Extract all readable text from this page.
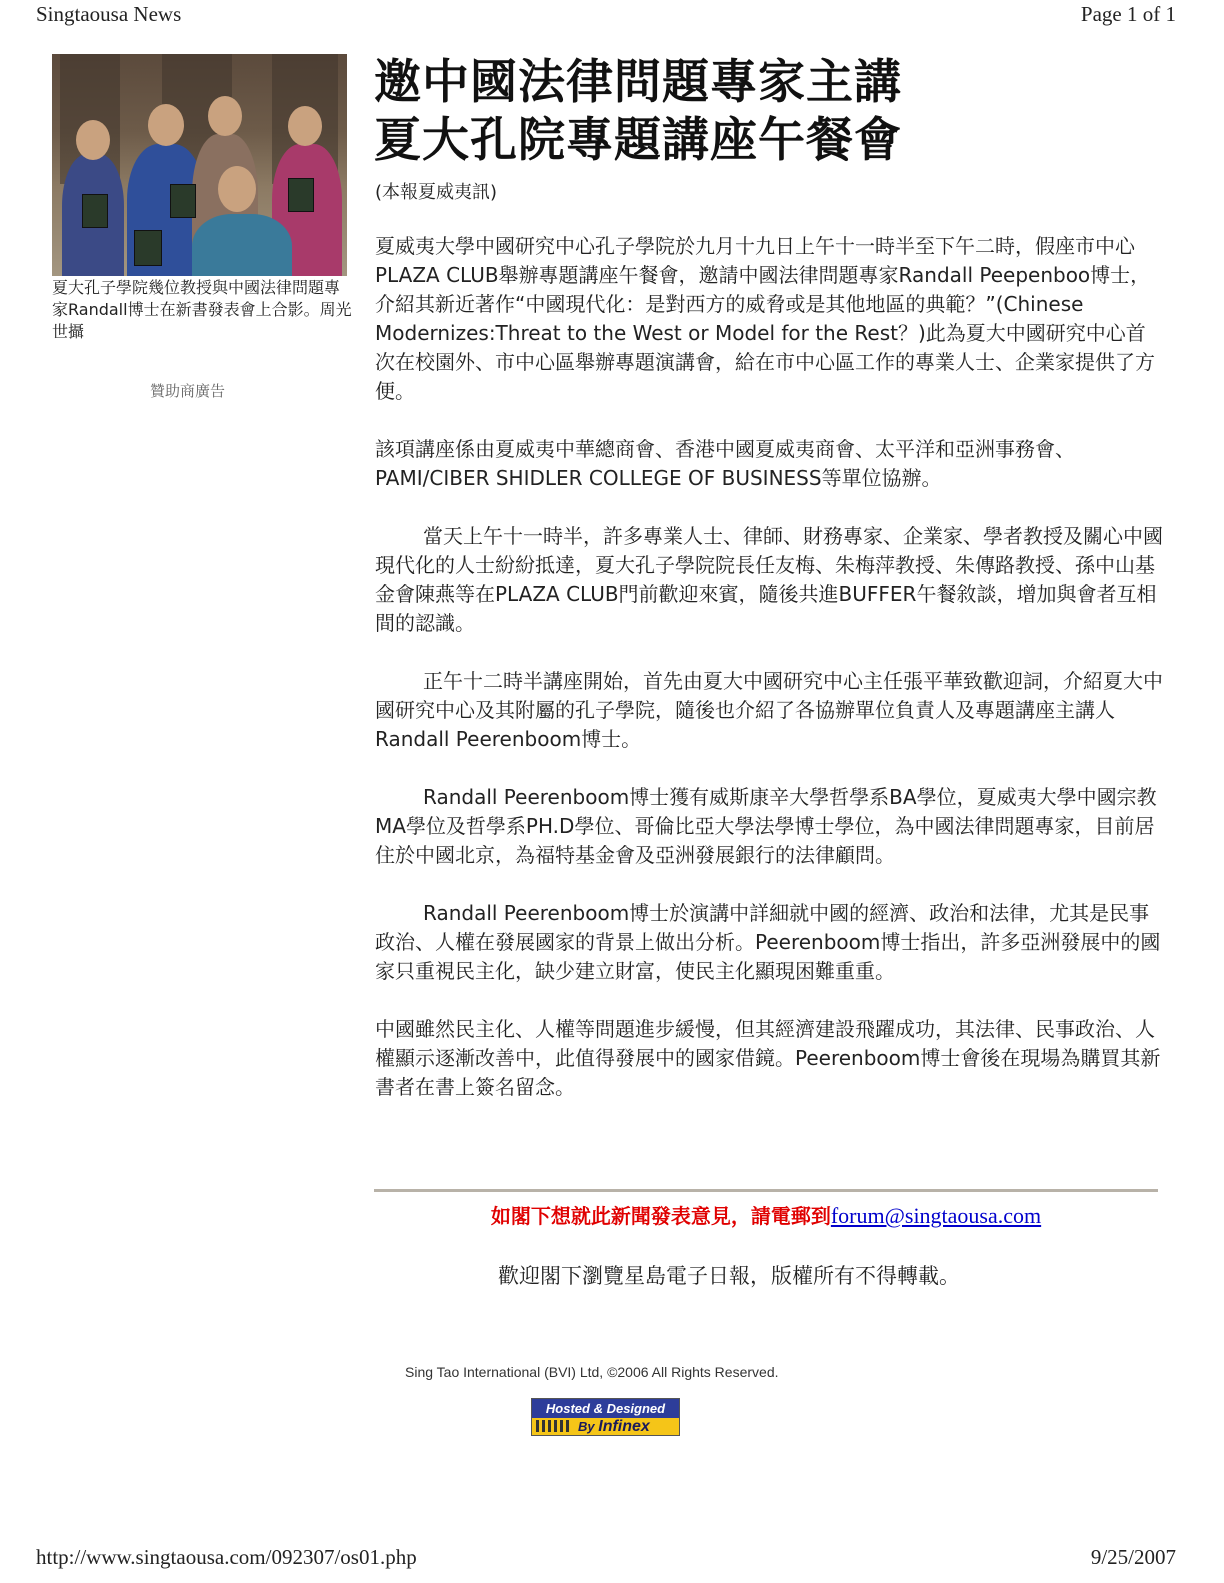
Singtaousa News	Page 1 of 1
夏大孔子學院幾位教授與中國法律問題專家Randall博士在新書發表會上合影。周光世攝
贊助商廣告
邀中國法律問題專家主講
夏大孔院專題講座午餐會
(本報夏威夷訊)

夏威夷大學中國研究中心孔子學院於九月十九日上午十一時半至下午二時，假座市中心PLAZA CLUB舉辦專題講座午餐會，邀請中國法律問題專家Randall Peepenboo博士，介紹其新近著作“中國現代化：是對西方的威脅或是其他地區的典範？”(Chinese Modernizes:Threat to the West or Model for the Rest？)此為夏大中國研究中心首次在校園外、市中心區舉辦專題演講會，給在市中心區工作的專業人士、企業家提供了方便。

該項講座係由夏威夷中華總商會、香港中國夏威夷商會、太平洋和亞洲事務會、PAMI/CIBER SHIDLER COLLEGE OF BUSINESS等單位協辦。

當天上午十一時半，許多專業人士、律師、財務專家、企業家、學者教授及關心中國現代化的人士紛紛抵達，夏大孔子學院院長任友梅、朱梅萍教授、朱傳路教授、孫中山基金會陳燕等在PLAZA CLUB門前歡迎來賓，隨後共進BUFFER午餐敘談，增加與會者互相間的認識。

正午十二時半講座開始，首先由夏大中國研究中心主任張平華致歡迎詞，介紹夏大中國研究中心及其附屬的孔子學院，隨後也介紹了各協辦單位負責人及專題講座主講人Randall Peerenboom博士。

Randall Peerenboom博士獲有威斯康辛大學哲學系BA學位，夏威夷大學中國宗教MA學位及哲學系PH.D學位、哥倫比亞大學法學博士學位，為中國法律問題專家，目前居住於中國北京，為福特基金會及亞洲發展銀行的法律顧問。

Randall Peerenboom博士於演講中詳細就中國的經濟、政治和法律，尤其是民事政治、人權在發展國家的背景上做出分析。Peerenboom博士指出，許多亞洲發展中的國家只重視民主化，缺少建立財富，使民主化顯現困難重重。

中國雖然民主化、人權等問題進步緩慢，但其經濟建設飛躍成功，其法律、民事政治、人權顯示逐漸改善中，此值得發展中的國家借鏡。Peerenboom博士會後在現場為購買其新書者在書上簽名留念。

如閣下想就此新聞發表意見，請電郵到forum@singtaousa.com
歡迎閣下瀏覽星島電子日報，版權所有不得轉載。
Sing Tao International (BVI) Ltd, ©2006 All Rights Reserved.
Hosted & Designed
By Infinex
http://www.singtaousa.com/092307/os01.php	9/25/2007
